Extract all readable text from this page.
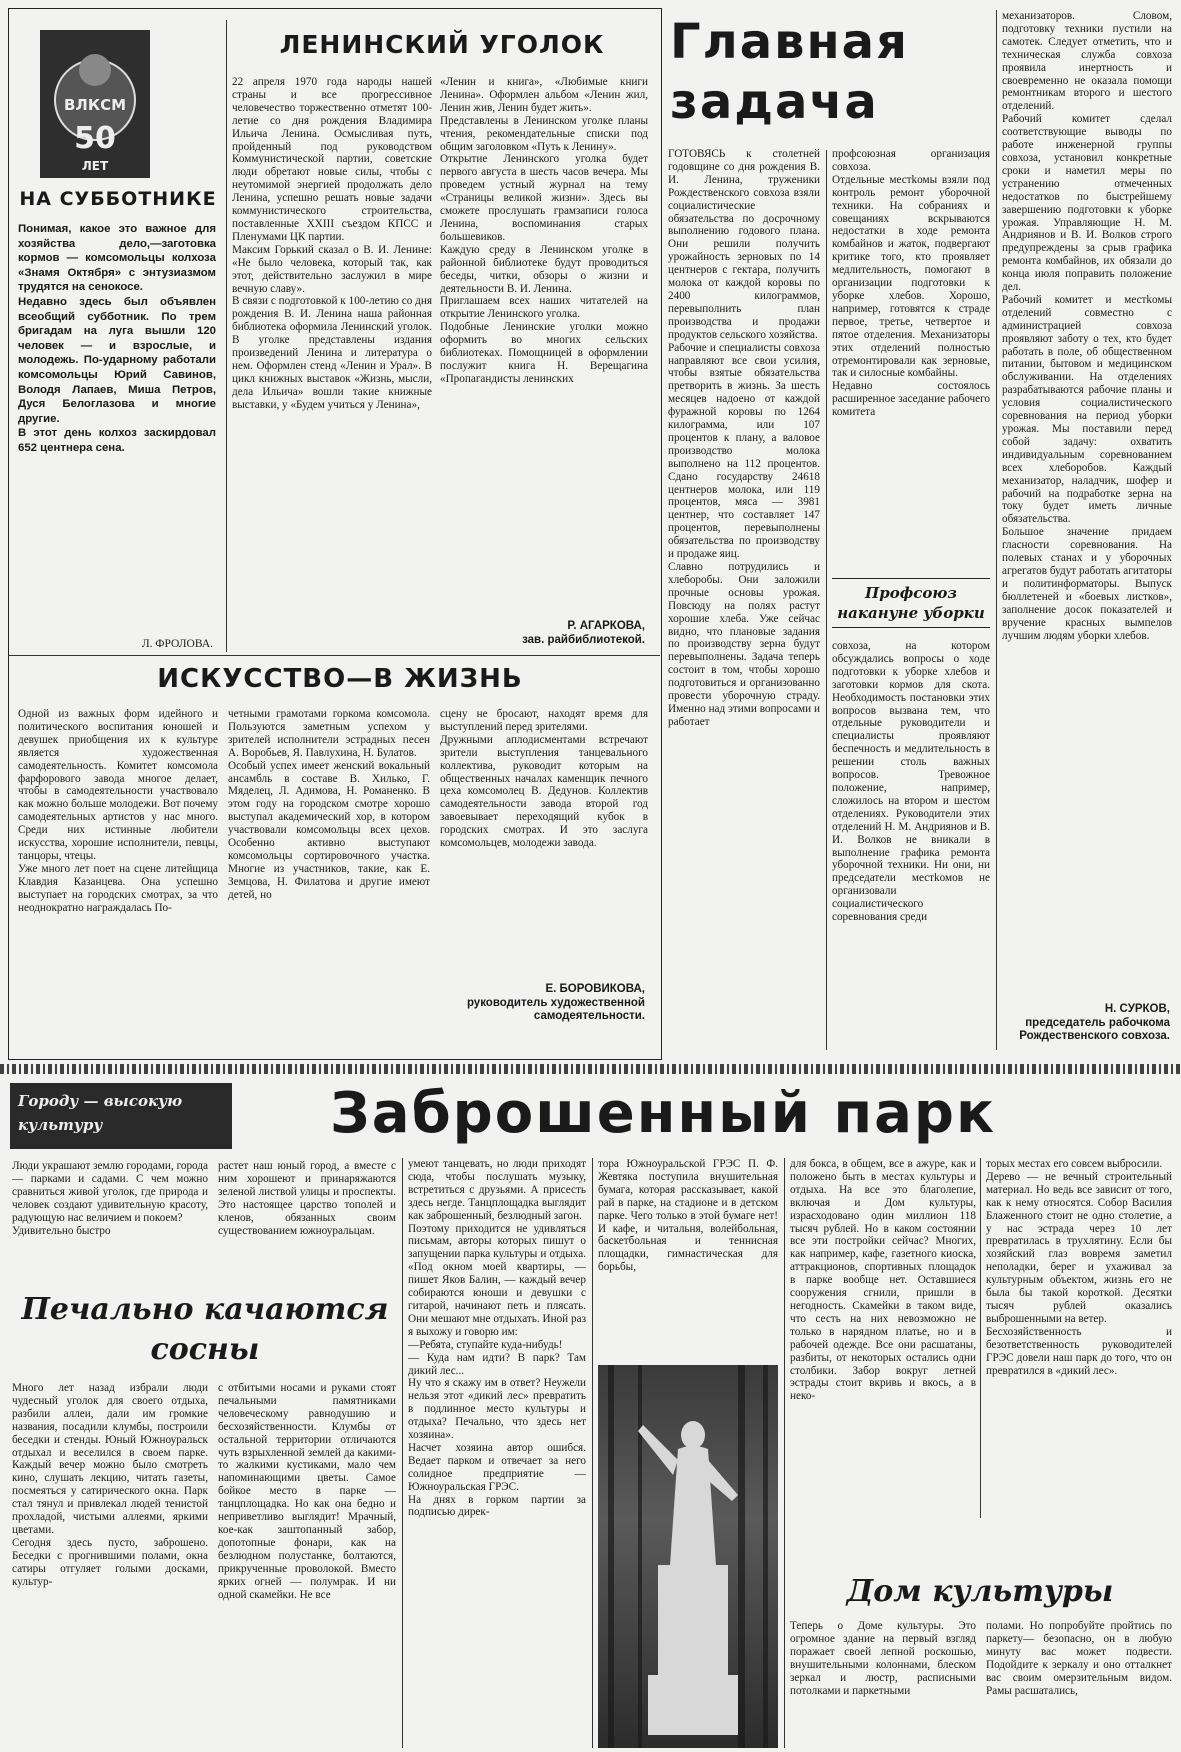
ВЛКСМ
50
ЛЕТ
НА СУББОТНИКЕ
Понимая, какое это важное для хозяйства дело,—заготовка кормов — комсомольцы колхоза «Знамя Октября» с энтузиазмом трудятся на сенокосе.
Недавно здесь был объявлен всеобщий субботник. По трем бригадам на луга вышли 120 человек — и взрослые, и молодежь. По-ударному работали комсомольцы Юрий Савинов, Володя Лапаев, Миша Петров, Дуся Белоглазова и многие другие.
В этот день колхоз заскирдовал 652 центнера сена.
Л. ФРОЛОВА.
ЛЕНИНСКИЙ УГОЛОК
22 апреля 1970 года народы нашей страны и все прогрессивное человечество торжественно отметят 100-летие со дня рождения Владимира Ильича Ленина. Осмысливая путь, пройденный под руководством Коммунистической партии, советские люди обретают новые силы, чтобы с неутомимой энергией продолжать дело Ленина, успешно решать новые задачи коммунистического строительства, поставленные XXIII съездом КПСС и Пленумами ЦК партии.
Максим Горький сказал о В. И. Ленине: «Не было человека, который так, как этот, действительно заслужил в мире вечную славу».
В связи с подготовкой к 100-летию со дня рождения В. И. Ленина наша районная библиотека оформила Ленинский уголок. В уголке представлены издания произведений Ленина и литература о нем. Оформлен стенд «Ленин и Урал». В цикл книжных выставок «Жизнь, мысли, дела Ильича» вошли такие книжные выставки, у «Будем учиться у Ленина»,
«Ленин и книга», «Любимые книги Ленина». Оформлен альбом «Ленин жил, Ленин жив, Ленин будет жить».
Представлены в Ленинском уголке планы чтения, рекомендательные списки под общим заголовком «Путь к Ленину».
Открытие Ленинского уголка будет первого августа в шесть часов вечера. Мы проведем устный журнал на тему «Страницы великой жизни». Здесь вы сможете прослушать грамзаписи голоса Ленина, воспоминания старых большевиков.
Каждую среду в Ленинском уголке в районной библиотеке будут проводиться беседы, читки, обзоры о жизни и деятельности В. И. Ленина.
Приглашаем всех наших читателей на открытие Ленинского уголка.
Подобные Ленинские уголки можно оформить во многих сельских библиотеках. Помощницей в оформлении послужит книга Н. Верещагина «Пропагандисты ленинских
Р. АГАРКОВА,
зав. райбиблиотекой.
ИСКУССТВО—В ЖИЗНЬ
Одной из важных форм идейного и политического воспитания юношей и девушек приобщения их к культуре является художественная самодеятельность. Комитет комсомола фарфорового завода многое делает, чтобы в самодеятельности участвовало как можно больше молодежи. Вот почему самодеятельных артистов у нас много. Среди них истинные любители искусства, хорошие исполнители, певцы, танцоры, чтецы.
Уже много лет поет на сцене литейщица Клавдия Казанцева. Она успешно выступает на городских смотрах, за что неоднократно награждалась По-
четными грамотами горкома комсомола. Пользуются заметным успехом у зрителей исполнители эстрадных песен А. Воробьев, Я. Павлухина, Н. Булатов.
Особый успех имеет женский вокальный ансамбль в составе В. Хилько, Г. Мяделец, Л. Адимова, Н. Романенко. В этом году на городском смотре хорошо выступал академический хор, в котором участвовали комсомольцы всех цехов. Особенно активно выступают комсомольцы сортировочного участка. Многие из участников, такие, как Е. Земцова, Н. Филатова и другие имеют детей, но
сцену не бросают, находят время для выступлений перед зрителями.
Дружными аплодисментами встречают зрители выступления танцевального коллектива, руководит которым на общественных началах каменщик печного цеха комсомолец В. Дедунов. Коллектив самодеятельности завода второй год завоевывает переходящий кубок в городских смотрах. И это заслуга комсомольцев, молодежи завода.
Е. БОРОВИКОВА,
руководитель художественной самодеятельности.
Главная задача
ГОТОВЯСЬ к столетней годовщине со дня рождения В. И. Ленина, труженики Рождественского совхоза взяли социалистические обязательства по досрочному выполнению годового плана. Они решили получить урожайность зерновых по 14 центнеров с гектара, получить молока от каждой коровы по 2400 килограммов, перевыполнить план производства и продажи продуктов сельского хозяйства.
Рабочие и специалисты совхоза направляют все свои усилия, чтобы взятые обязательства претворить в жизнь. За шесть месяцев надоено от каждой фуражной коровы по 1264 килограмма, или 107 процентов к плану, а валовое производство молока выполнено на 112 процентов. Сдано государству 24618 центнеров молока, или 119 процентов, мяса — 3981 центнер, что составляет 147 процентов, перевыполнены обязательства по производству и продаже яиц.
Славно потрудились и хлеборобы. Они заложили прочные основы урожая. Повсюду на полях растут хорошие хлеба. Уже сейчас видно, что плановые задания по производству зерна будут перевыполнены. Задача теперь состоит в том, чтобы хорошо подготовиться и организованно провести уборочную страду. Именно над этими вопросами и работает
профсоюзная организация совхоза.
Отдельные местkомы взяли под контроль ремонт уборочной техники. На собраниях и совещаниях вскрываются недостатки в ходе ремонта комбайнов и жаток, подвергают критике того, кто проявляет медлительность, помогают в организации подготовки к уборке хлебов. Хорошо, например, готовятся к страде первое, третье, четвертое и пятое отделения. Механизаторы этих отделений полностью отремонтировали как зерновые, так и силосные комбайны.
Недавно состоялось расширенное заседание рабочего комитета
Профсоюз накануне уборки
совхоза, на котором обсуждались вопросы о ходе подготовки к уборке хлебов и заготовки кормов для скота. Необходимость постановки этих вопросов вызвана тем, что отдельные руководители и специалисты проявляют беспечность и медлительность в решении столь важных вопросов. Тревожное положение, например, сложилось на втором и шестом отделениях. Руководители этих отделений Н. М. Андриянов и В. И. Волков не вникали в выполнение графика ремонта уборочной техники. Ни они, ни председатели местkомов не организовали социалистического соревнования среди
механизаторов. Словом, подготовку техники пустили на самотек. Следует отметить, что и техническая служба совхоза проявила инертность и своевременно не оказала помощи ремонтникам второго и шестого отделений.
Рабочий комитет сделал соответствующие выводы по работе инженерной группы совхоза, установил конкретные сроки и наметил меры по устранению отмеченных недостатков по быстрейшему завершению подготовки к уборке урожая. Управляющие Н. М. Андриянов и В. И. Волков строго предупреждены за срыв графика ремонта комбайнов, их обязали до конца июля поправить положение дел.
Рабочий комитет и местkомы отделений совместно с администрацией совхоза проявляют заботу о тех, кто будет работать в поле, об общественном питании, бытовом и медицинском обслуживании. На отделениях разрабатываются рабочие планы и условия социалистического соревнования на период уборки урожая. Мы поставили перед собой задачу: охватить индивидуальным соревнованием всех хлеборобов. Каждый механизатор, наладчик, шофер и рабочий на подработке зерна на току будет иметь личные обязательства.
Большое значение придаем гласности соревнования. На полевых станах и у уборочных агрегатов будут работать агитаторы и политинформаторы. Выпуск бюллетеней и «боевых листков», заполнение досок показателей и вручение красных вымпелов лучшим людям уборки хлебов.
Н. СУРКОВ,
председатель рабочкома Рождественского совхоза.
Городу — высокую культуру	Заброшенный парк
Люди украшают землю городами, города — парками и садами. С чем можно сравниться живой уголок, где природа и человек создают удивительную красоту, радующую нас величием и покоем?
Удивительно быстро
растет наш юный город, а вместе с ним хорошеют и принаряжаются зеленой листвой улицы и проспекты. Это настоящее царство тополей и кленов, обязанных своим существованием южноуральцам.
Печально качаются сосны
Много лет назад избрали люди чудесный уголок для своего отдыха, разбили аллеи, дали им громкие названия, посадили клумбы, построили беседки и стенды. Юный Южноуральск отдыхал и веселился в своем парке. Каждый вечер можно было смотреть кино, слушать лекцию, читать газеты, посмеяться у сатирического окна. Парк стал тянул и привлекал людей тенистой прохладой, чистыми аллеями, яркими цветами.
Сегодня здесь пусто, заброшено. Беседки с прогнившими полами, окна сатиры отгуляет голыми досками, культур-
с отбитыми носами и руками стоят печальными памятниками человеческому равнодушию и бесхозяйственности. Клумбы от остальной территории отличаются чуть взрыхленной землей да какими-то жалкими кустиками, мало чем напоминающими цветы. Самое бойкое место в парке — танцплощадка. Но как она бедно и неприветливо выглядит! Мрачный, кое-как заштопанный забор, допотопные фонари, как на безлюдном полустанке, болтаются, прикрученные проволокой. Вместо ярких огней — полумрак. И ни одной скамейки. Не все
умеют танцевать, но люди приходят сюда, чтобы послушать музыку, встретиться с друзьями. А присесть здесь негде. Танцплощадка выглядит как заброшенный, безлюдный загон.
Поэтому приходится не удивляться письмам, авторы которых пишут о запущении парка культуры и отдыха. «Под окном моей квартиры, — пишет Яков Балин, — каждый вечер собираются юноши и девушки с гитарой, начинают петь и плясать. Они мешают мне отдыхать. Иной раз я выхожу и говорю им:
—Ребята, ступайте куда-нибудь!
— Куда нам идти? В парк? Там дикий лес...
Ну что я скажу им в ответ? Неужели нельзя этот «дикий лес» превратить в подлинное место культуры и отдыха? Печально, что здесь нет хозяина».
Насчет хозяина автор ошибся. Ведает парком и отвечает за него солидное предприятие — Южноуральская ГРЭС.
На днях в горком партии за подписью дирек-
тора Южноуральской ГРЭС П. Ф. Жевтяка поступила внушительная бумага, которая рассказывает, какой рай в парке, на стадионе и в детском парке. Чего только в этой бумаге нет! И кафе, и читальня, волейбольная, баскетбольная и теннисная площадки, гимнастическая для борьбы,
для бокса, в общем, все в ажуре, как и положено быть в местах культуры и отдыха. На все это благолепие, включая и Дом культуры, израсходовано один миллион 118 тысяч рублей. Но в каком состоянии все эти постройки сейчас? Многих, как например, кафе, газетного киоска, аттракционов, спортивных площадок в парке вообще нет. Оставшиеся сооружения сгнили, пришли в негодность. Скамейки в таком виде, что сесть на них невозможно не только в нарядном платье, но и в рабочей одежде. Все они расшатаны, разбиты, от некоторых остались одни столбики. Забор вокруг летней эстрады стоит вкривь и вкось, а в неко-
торых местах его совсем выбросили.
Дерево — не вечный строительный материал. Но ведь все зависит от того, как к нему относятся. Собор Василия Блаженного стоит не одно столетие, а у нас эстрада через 10 лет превратилась в трухлятину. Если бы хозяйский глаз вовремя заметил неполадки, берег и ухаживал за культурным объектом, жизнь его не была бы такой короткой. Десятки тысяч рублей оказались выброшенными на ветер.
Бесхозяйственность и безответственность руководителей ГРЭС довели наш парк до того, что он превратился в «дикий лес».
Дом культуры
Теперь о Доме культуры. Это огромное здание на первый взгляд поражает своей лепной роскошью, внушительными колоннами, блеском зеркал и люстр, расписными потолками и паркетными
полами. Но попробуйте пройтись по паркету— безопасно, он в любую минуту вас может подвести. Подойдите к зеркалу и оно отталкнет вас своим омерзительным видом. Рамы расшатались,
